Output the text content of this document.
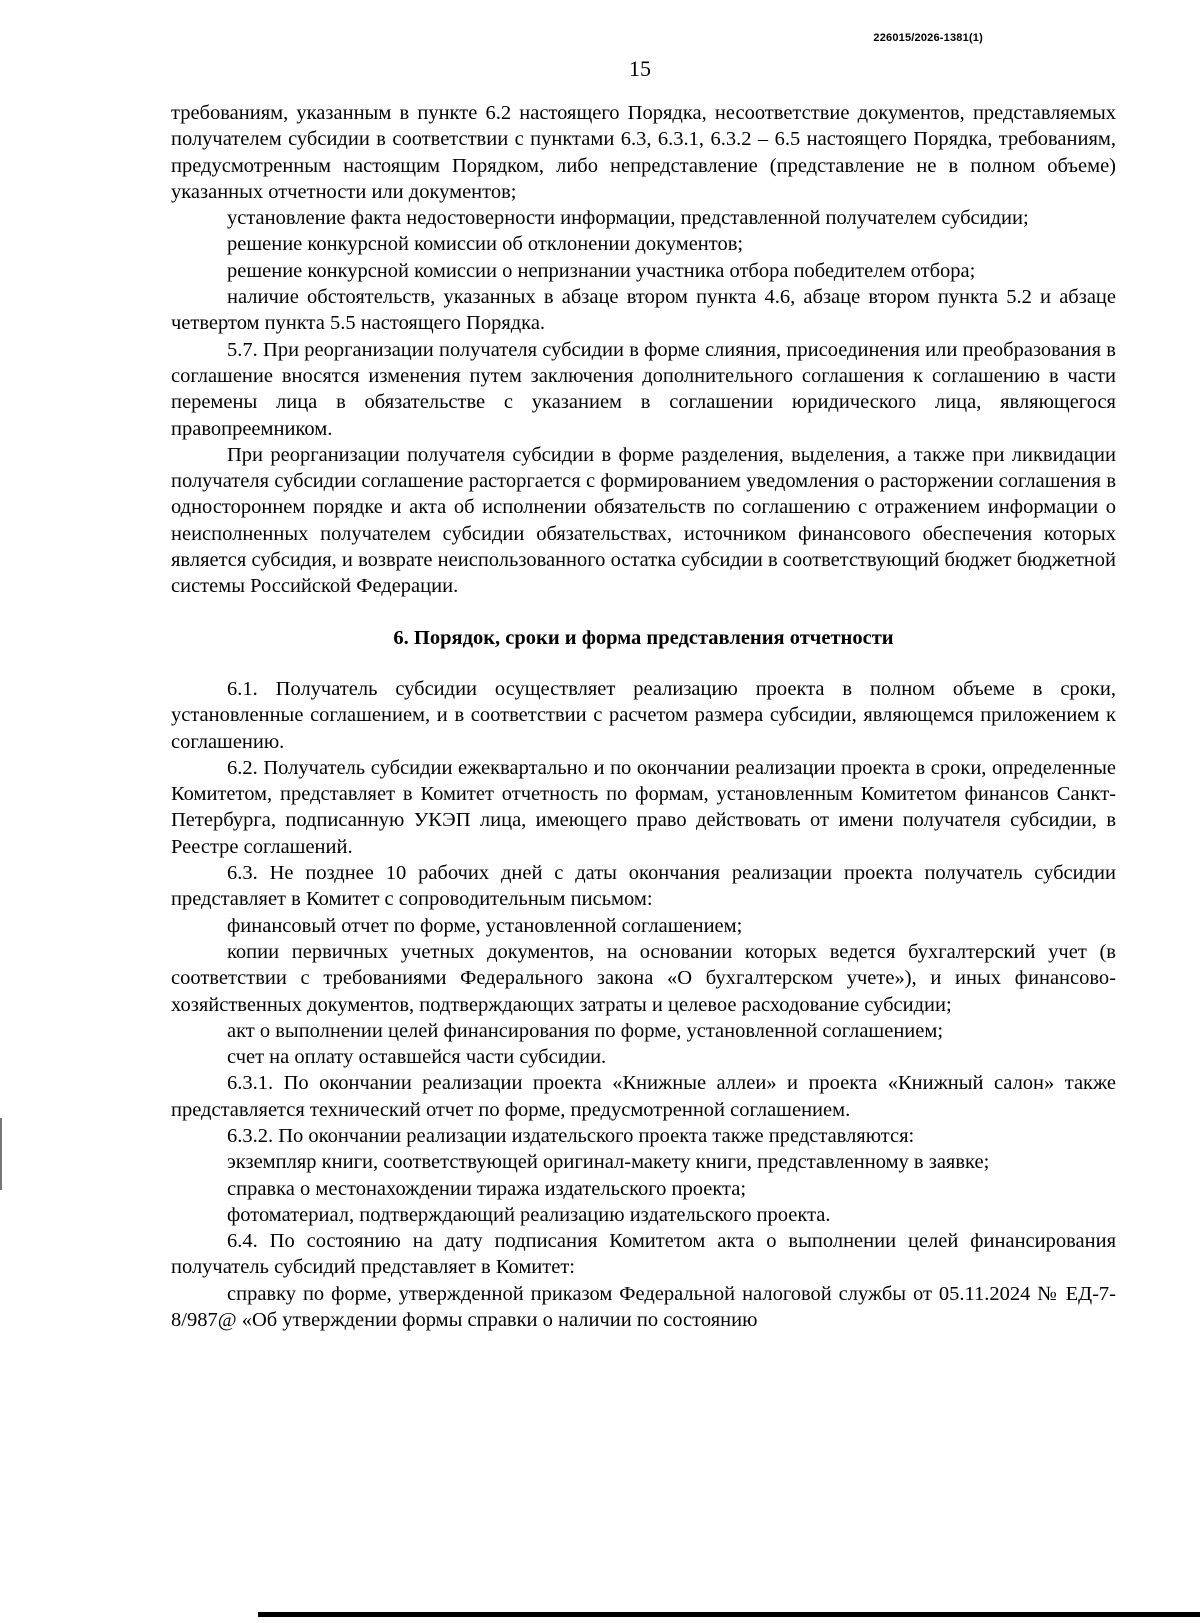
226015/2026-1381(1)
15

требованиям, указанным в пункте 6.2 настоящего Порядка, несоответствие документов, представляемых получателем субсидии в соответствии с пунктами 6.3, 6.3.1, 6.3.2 – 6.5 настоящего Порядка, требованиям, предусмотренным настоящим Порядком, либо непредставление (представление не в полном объеме) указанных отчетности или документов;

установление факта недостоверности информации, представленной получателем субсидии;

решение конкурсной комиссии об отклонении документов;

решение конкурсной комиссии о непризнании участника отбора победителем отбора;

наличие обстоятельств, указанных в абзаце втором пункта 4.6, абзаце втором пункта 5.2 и абзаце четвертом пункта 5.5 настоящего Порядка.

5.7. При реорганизации получателя субсидии в форме слияния, присоединения или преобразования в соглашение вносятся изменения путем заключения дополнительного соглашения к соглашению в части перемены лица в обязательстве с указанием в соглашении юридического лица, являющегося правопреемником.

При реорганизации получателя субсидии в форме разделения, выделения, а также при ликвидации получателя субсидии соглашение расторгается с формированием уведомления о расторжении соглашения в одностороннем порядке и акта об исполнении обязательств по соглашению с отражением информации о неисполненных получателем субсидии обязательствах, источником финансового обеспечения которых является субсидия, и возврате неиспользованного остатка субсидии в соответствующий бюджет бюджетной системы Российской Федерации.

6. Порядок, сроки и форма представления отчетности

6.1. Получатель субсидии осуществляет реализацию проекта в полном объеме в сроки, установленные соглашением, и в соответствии с расчетом размера субсидии, являющемся приложением к соглашению.

6.2. Получатель субсидии ежеквартально и по окончании реализации проекта в сроки, определенные Комитетом, представляет в Комитет отчетность по формам, установленным Комитетом финансов Санкт-Петербурга, подписанную УКЭП лица, имеющего право действовать от имени получателя субсидии, в Реестре соглашений.

6.3. Не позднее 10 рабочих дней с даты окончания реализации проекта получатель субсидии представляет в Комитет с сопроводительным письмом:

финансовый отчет по форме, установленной соглашением;

копии первичных учетных документов, на основании которых ведется бухгалтерский учет (в соответствии с требованиями Федерального закона «О бухгалтерском учете»), и иных финансово-хозяйственных документов, подтверждающих затраты и целевое расходование субсидии;

акт о выполнении целей финансирования по форме, установленной соглашением;

счет на оплату оставшейся части субсидии.

6.3.1. По окончании реализации проекта «Книжные аллеи» и проекта «Книжный салон» также представляется технический отчет по форме, предусмотренной соглашением.

6.3.2. По окончании реализации издательского проекта также представляются:

экземпляр книги, соответствующей оригинал-макету книги, представленному в заявке;

справка о местонахождении тиража издательского проекта;

фотоматериал, подтверждающий реализацию издательского проекта.

6.4. По состоянию на дату подписания Комитетом акта о выполнении целей финансирования получатель субсидий представляет в Комитет:

справку по форме, утвержденной приказом Федеральной налоговой службы от 05.11.2024 № ЕД-7-8/987@ «Об утверждении формы справки о наличии по состоянию
